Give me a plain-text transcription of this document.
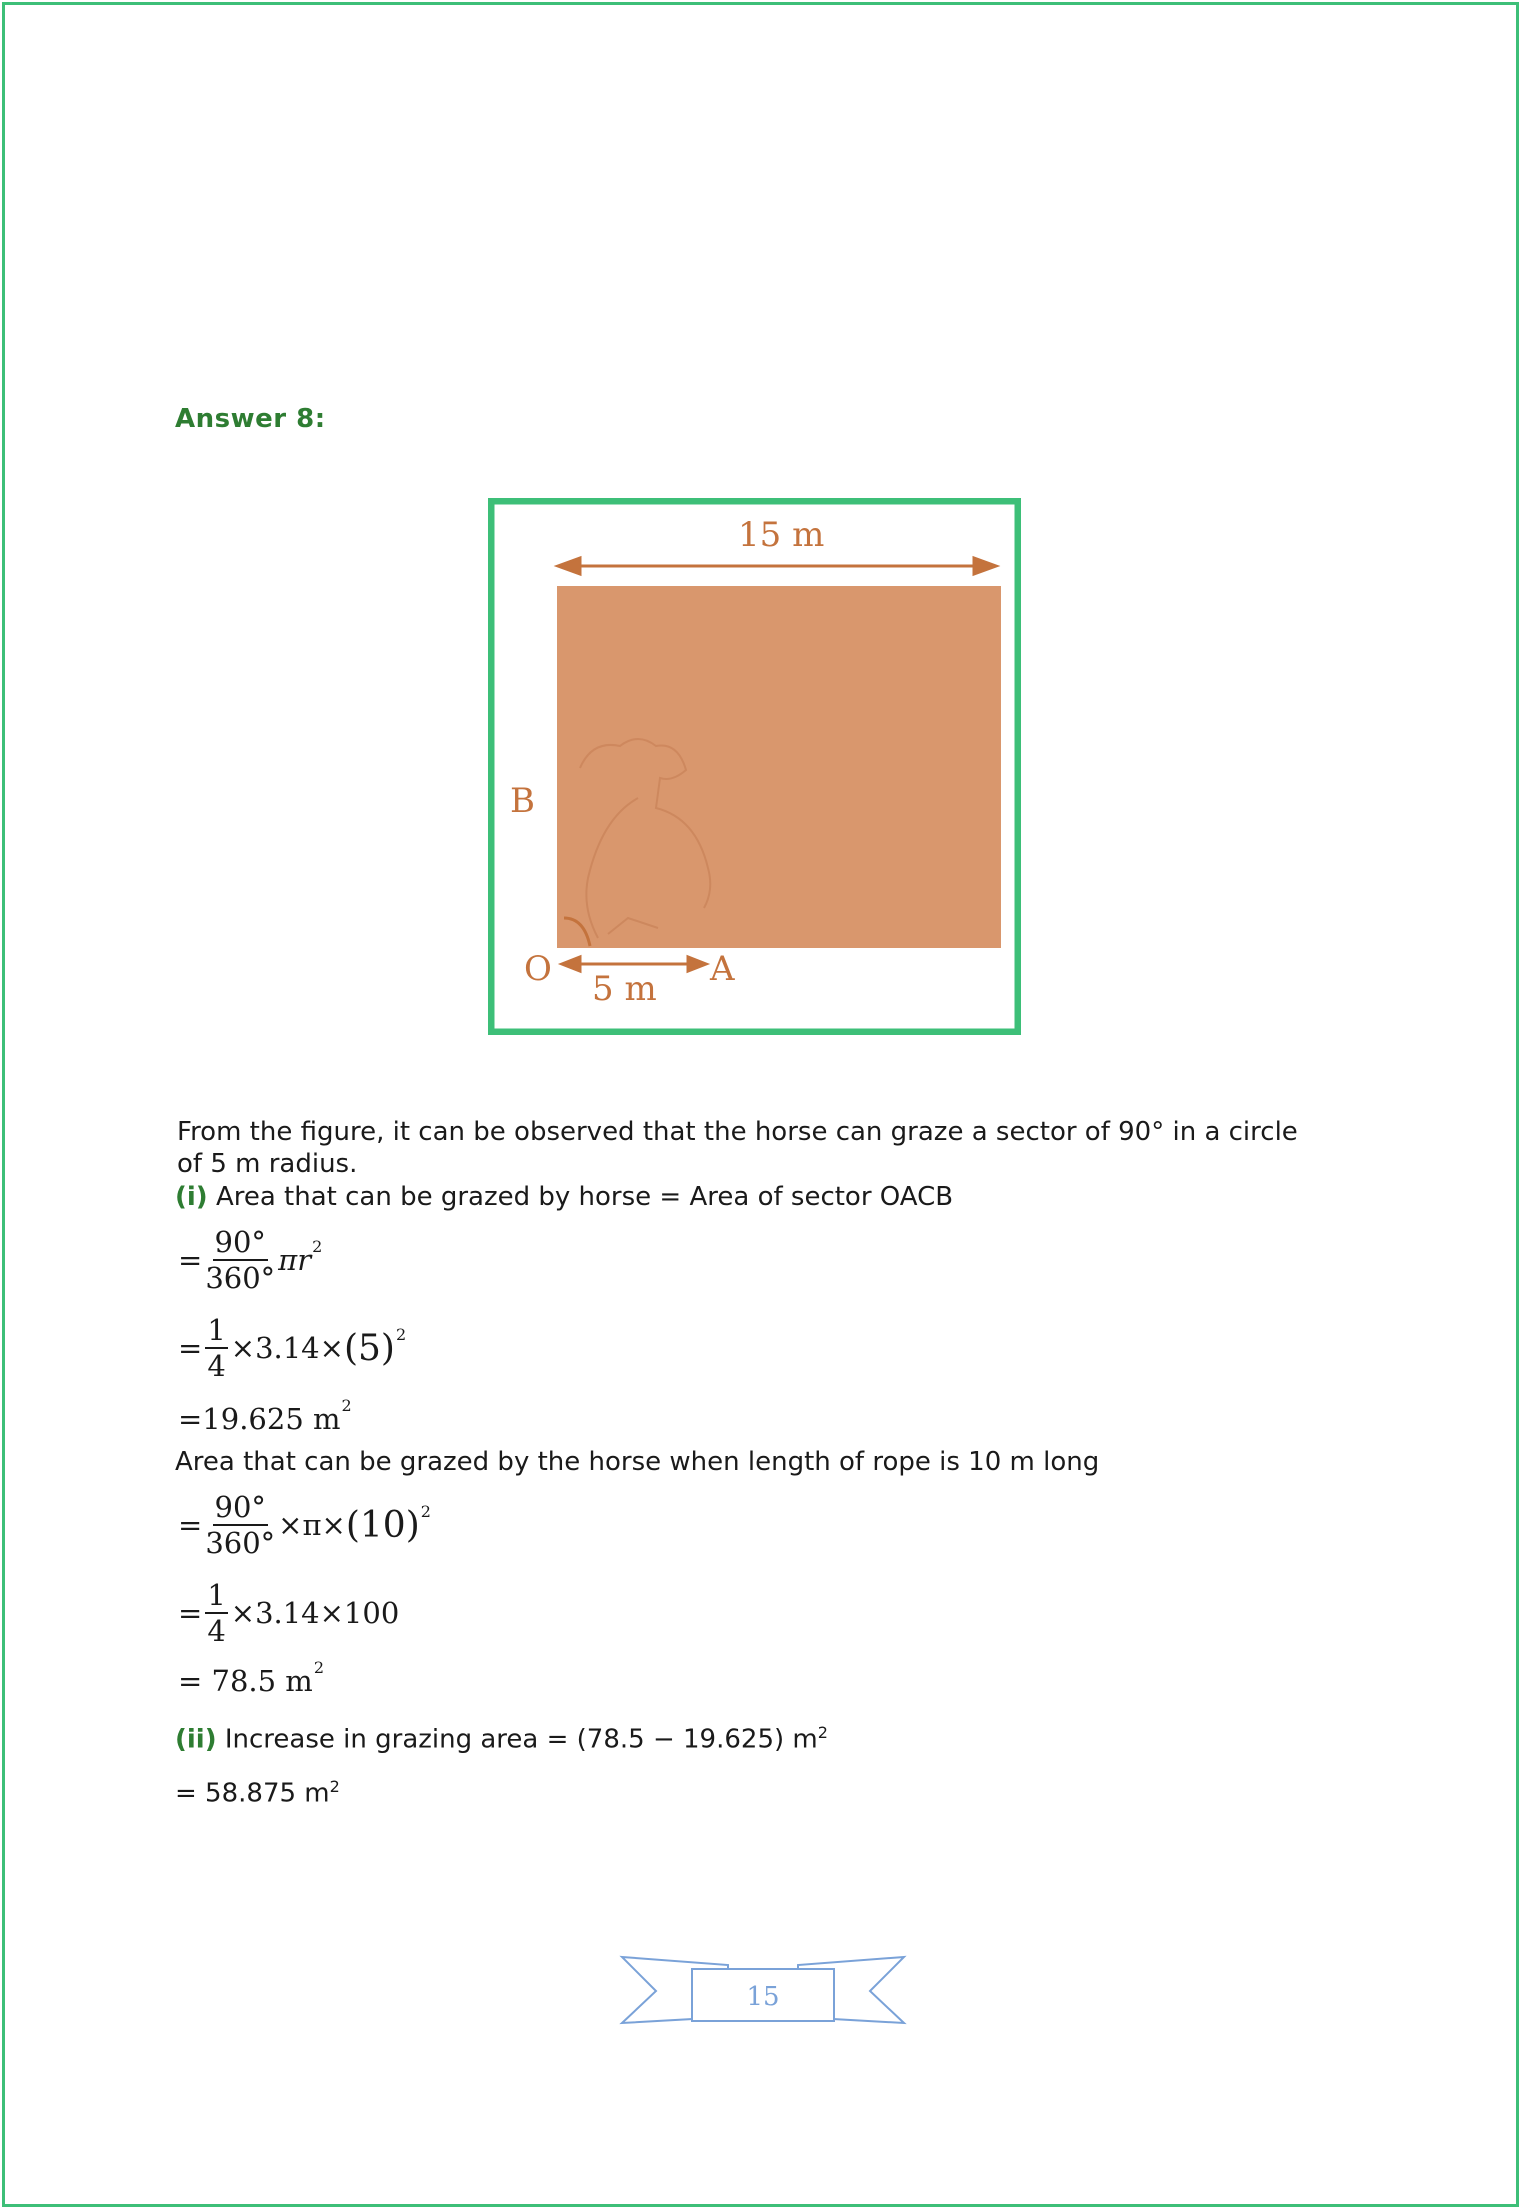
Answer 8:
15 m
B
O	A
5 m
From the figure, it can be observed that the horse can graze a sector of 90° in a circle
of 5 m radius.
(i) Area that can be grazed by horse = Area of sector OACB
= $\frac{90^\circ}{360^\circ}$ πr 2
= $\frac{1}{4} \times 3.14\times (5)$ 2
=19.625 m 2
Area that can be grazed by the horse when length of rope is 10 m long
= $\frac{90^\circ}{360^\circ} \times\pi\times (10)$ 2
= $\frac{1}{4} \times 3.14\times 100$
= 78.5 m 2
(ii) Increase in grazing area = (78.5 − 19.625) $m^2$
= 58.875 $m^2$
15
